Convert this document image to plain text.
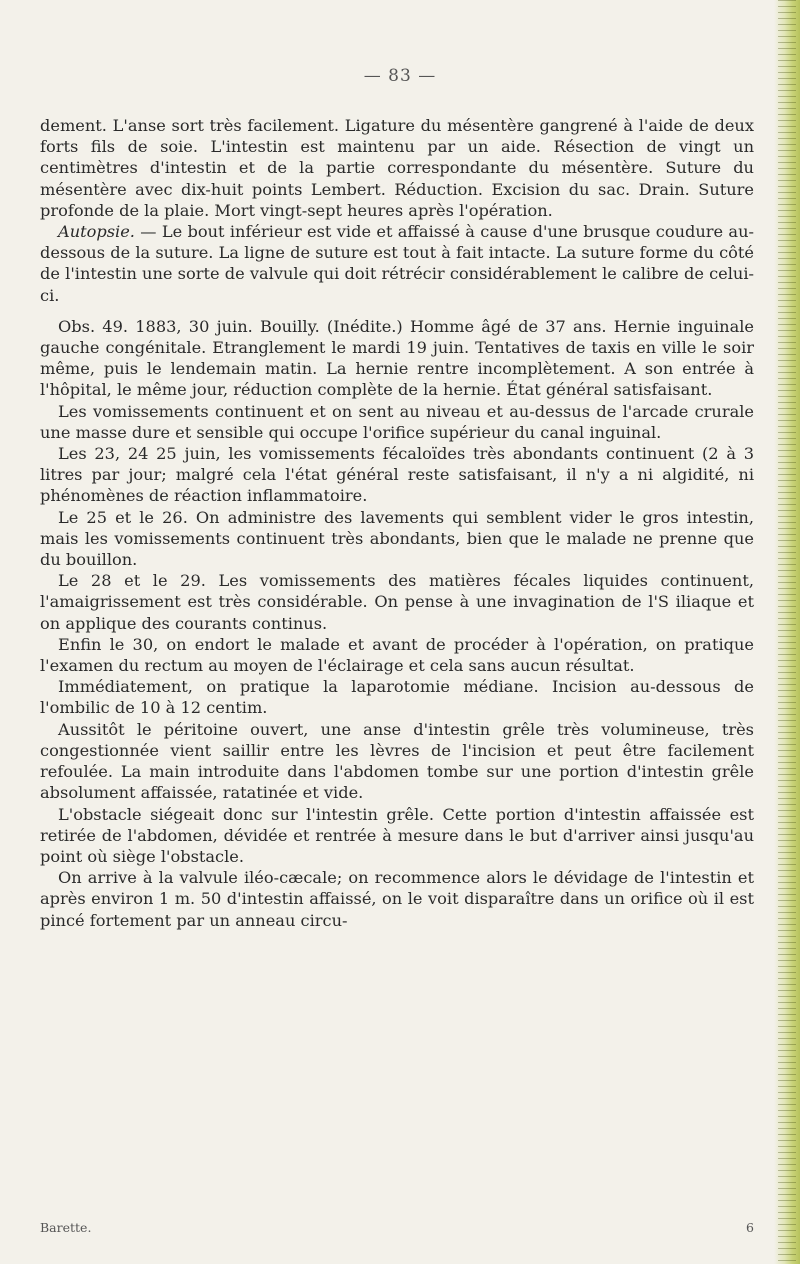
— 83 —

dement. L'anse sort très facilement. Ligature du mésentère gangrené à l'aide de deux forts fils de soie. L'intestin est maintenu par un aide. Résection de vingt un centimètres d'intestin et de la partie correspondante du mésentère. Suture du mésentère avec dix-huit points Lembert. Réduction. Excision du sac. Drain. Suture profonde de la plaie. Mort vingt-sept heures après l'opération.

Autopsie. — Le bout inférieur est vide et affaissé à cause d'une brusque coudure au-dessous de la suture. La ligne de suture est tout à fait intacte. La suture forme du côté de l'intestin une sorte de valvule qui doit rétrécir considérablement le calibre de celui-ci.

Obs. 49. 1883, 30 juin. Bouilly. (Inédite.) Homme âgé de 37 ans. Hernie inguinale gauche congénitale. Etranglement le mardi 19 juin. Tentatives de taxis en ville le soir même, puis le lendemain matin. La hernie rentre incomplètement. A son entrée à l'hôpital, le même jour, réduction complète de la hernie. État général satisfaisant.

Les vomissements continuent et on sent au niveau et au-dessus de l'arcade crurale une masse dure et sensible qui occupe l'orifice supérieur du canal inguinal.

Les 23, 24 25 juin, les vomissements fécaloïdes très abondants continuent (2 à 3 litres par jour; malgré cela l'état général reste satisfaisant, il n'y a ni algidité, ni phénomènes de réaction inflammatoire.

Le 25 et le 26. On administre des lavements qui semblent vider le gros intestin, mais les vomissements continuent très abondants, bien que le malade ne prenne que du bouillon.

Le 28 et le 29. Les vomissements des matières fécales liquides continuent, l'amaigrissement est très considérable. On pense à une invagination de l'S iliaque et on applique des courants continus.

Enfin le 30, on endort le malade et avant de procéder à l'opération, on pratique l'examen du rectum au moyen de l'éclairage et cela sans aucun résultat.

Immédiatement, on pratique la laparotomie médiane. Incision au-dessous de l'ombilic de 10 à 12 centim.

Aussitôt le péritoine ouvert, une anse d'intestin grêle très volumineuse, très congestionnée vient saillir entre les lèvres de l'incision et peut être facilement refoulée. La main introduite dans l'abdomen tombe sur une portion d'intestin grêle absolument affaissée, ratatinée et vide.

L'obstacle siégeait donc sur l'intestin grêle. Cette portion d'intestin affaissée est retirée de l'abdomen, dévidée et rentrée à mesure dans le but d'arriver ainsi jusqu'au point où siège l'obstacle.

On arrive à la valvule iléo-cæcale; on recommence alors le dévidage de l'intestin et après environ 1 m. 50 d'intestin affaissé, on le voit disparaître dans un orifice où il est pincé fortement par un anneau circu-

Barette.	6
